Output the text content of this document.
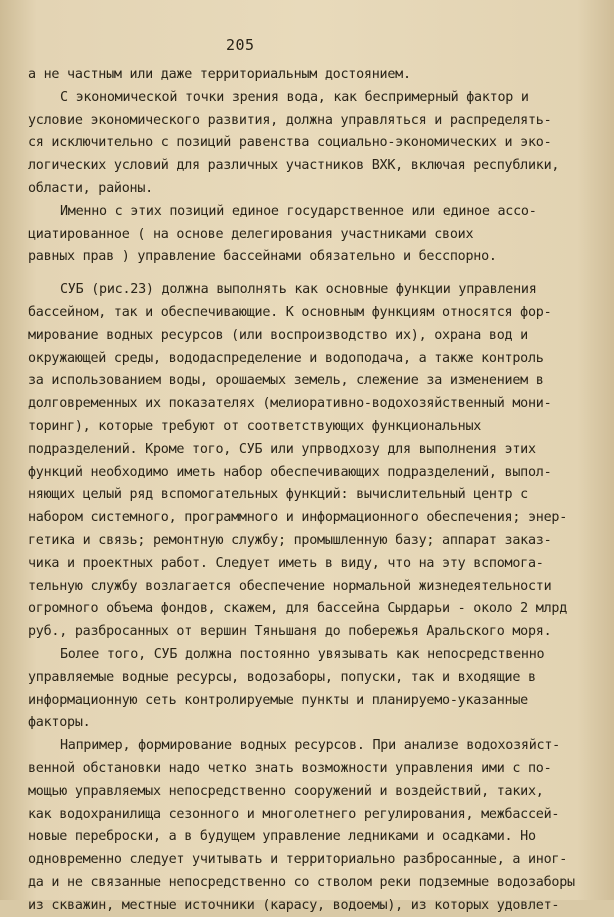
205
а не частным или даже территориальным достоянием.
С экономической точки зрения вода, как беспримерный фактор и
условие экономического развития, должна управляться и распределять-
ся исключительно с позиций равенства социально-экономических и эко-
логических условий для различных участников ВХК, включая республики,
области, районы.
Именно с этих позиций единое государственное или единое ассо-
циатированное ( на основе делегирования участниками своих
равных прав ) управление бассейнами обязательно и бесспорно.
СУБ (рис.23) должна выполнять как основные функции управления
бассейном, так и обеспечивающие. К основным функциям относятся фор-
мирование водных ресурсов (или воспроизводство их), охрана вод и
окружающей среды, вододаспределение и водоподача, а также контроль
за использованием воды, орошаемых земель, слежение за изменением в
долговременных их показателях (мелиоративно-водохозяйственный мони-
торинг), которые требуют от соответствующих функциональных
подразделений. Кроме того, СУБ или упрводхозу для выполнения этих
функций необходимо иметь набор обеспечивающих подразделений, выпол-
няющих целый ряд вспомогательных функций: вычислительный центр с
набором системного, программного и информационного обеспечения; энер-
гетика и связь; ремонтную службу; промышленную базу; аппарат заказ-
чика и проектных работ. Следует иметь в виду, что на эту вспомога-
тельную службу возлагается обеспечение нормальной жизнедеятельности
огромного объема фондов, скажем, для бассейна Сырдарьи - около 2 млрд
руб., разбросанных от вершин Тяньшаня до побережья Аральского моря.
Более того, СУБ должна постоянно увязывать как непосредственно
управляемые водные ресурсы, водозаборы, попуски, так и входящие в
информационную сеть контролируемые пункты и планируемо-указанные
факторы.
Например, формирование водных ресурсов. При анализе водохозяйст-
венной обстановки надо четко знать возможности управления ими с по-
мощью управляемых непосредственно сооружений и воздействий, таких,
как водохранилища сезонного и многолетнего регулирования, межбассей-
новые переброски, а в будущем управление ледниками и осадками. Но
одновременно следует учитывать и территориально разбросанные, а иног-
да и не связанные непосредственно со стволом реки подземные водозаборы
из скважин, местные источники (карасу, водоемы), из которых удовлет-
